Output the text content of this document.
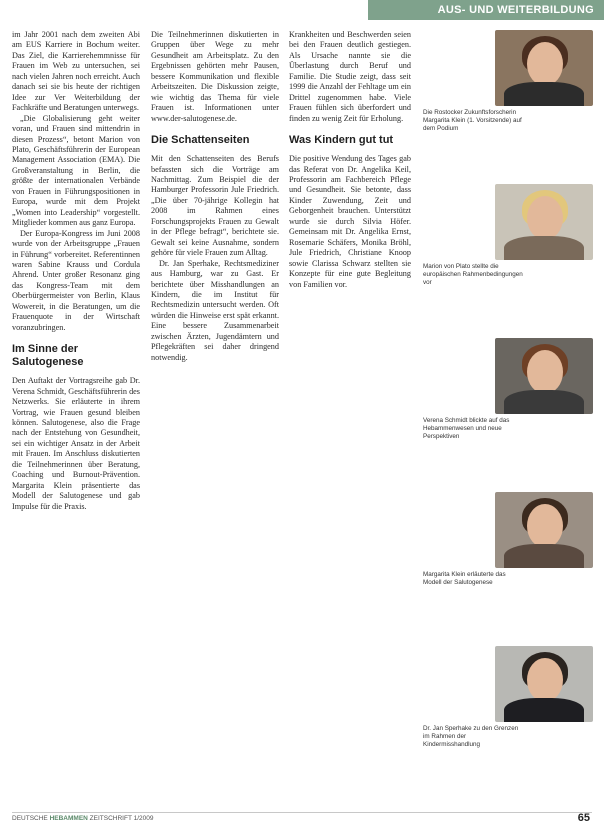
AUS- UND WEITERBILDUNG

im Jahr 2001 nach dem zweiten Abi am EUS Karriere in Bochum weiter. Das Ziel, die Karrierehemmnisse für Frauen im Web zu untersuchen, sei nach vielen Jahren noch erreicht. Auch danach sei sie bis heute der richtigen Idee zur Ver Weiterbildung der Fachkräfte und Beratungen unterwegs.

„Die Globalisierung geht weiter voran, und Frauen sind mittendrin in diesen Prozess“, betont Marion von Plato, Geschäftsführerin der European Management Association (EMA). Die Großveranstaltung in Berlin, die größte der internationalen Verbände von Frauen in Führungspositionen in Europa, wurde mit dem Projekt „Women into Leadership“ vorgestellt. Mitglieder kommen aus ganz Europa.

Der Europa-Kongress im Juni 2008 wurde von der Arbeitsgruppe „Frauen in Führung“ vorbereitet. Referentinnen waren Sabine Krauss und Cordula Ahrend. Unter großer Resonanz ging das Kongress-Team mit dem Oberbürgermeister von Berlin, Klaus Wowereit, in die Beratungen, um die Frauenquote in der Wirtschaft voranzubringen.

Im Sinne der Salutogenese

Den Auftakt der Vortragsreihe gab Dr. Verena Schmidt, Geschäftsführerin des Netzwerks. Sie erläuterte in ihrem Vortrag, wie Frauen gesund bleiben können. Salutogenese, also die Frage nach der Entstehung von Gesundheit, sei ein wichtiger Ansatz in der Arbeit mit Frauen. Im Anschluss diskutierten die Teilnehmerinnen über Beratung, Coaching und Burnout-Prävention. Margarita Klein präsentierte das Modell der Salutogenese und gab Impulse für die Praxis.

Die Teilnehmerinnen diskutierten in Gruppen über Wege zu mehr Gesundheit am Arbeitsplatz. Zu den Ergebnissen gehörten mehr Pausen, bessere Kommunikation und flexible Arbeitszeiten. Die Diskussion zeigte, wie wichtig das Thema für viele Frauen ist. Informationen unter www.der-salutogenese.de.

Die Schattenseiten

Mit den Schattenseiten des Berufs befassten sich die Vorträge am Nachmittag. Zum Beispiel die der Hamburger Professorin Jule Friedrich. „Die über 70-jährige Kollegin hat 2008 im Rahmen eines Forschungsprojekts Frauen zu Gewalt in der Pflege befragt“, berichtete sie. Gewalt sei keine Ausnahme, sondern gehöre für viele Frauen zum Alltag.

Dr. Jan Sperhake, Rechtsmediziner aus Hamburg, war zu Gast. Er berichtete über Misshandlungen an Kindern, die im Institut für Rechtsmedizin untersucht werden. Oft würden die Hinweise erst spät erkannt. Eine bessere Zusammenarbeit zwischen Ärzten, Jugendämtern und Pflegekräften sei daher dringend notwendig.

Krankheiten und Beschwerden seien bei den Frauen deutlich gestiegen. Als Ursache nannte sie die Überlastung durch Beruf und Familie. Die Studie zeigt, dass seit 1999 die Anzahl der Fehltage um ein Drittel zugenommen habe. Viele Frauen fühlen sich überfordert und finden zu wenig Zeit für Erholung.

Was Kindern gut tut

Die positive Wendung des Tages gab das Referat von Dr. Angelika Keil, Professorin am Fachbereich Pflege und Gesundheit. Sie betonte, dass Kinder Zuwendung, Zeit und Geborgenheit brauchen. Unterstützt wurde sie durch Silvia Höfer. Gemeinsam mit Dr. Angelika Ernst, Rosemarie Schäfers, Monika Bröhl, Jule Friedrich, Christiane Knoop sowie Clarissa Schwarz stellten sie Konzepte für eine gute Begleitung von Familien vor.

Die Rostocker Zukunftsforscherin Margarita Klein (1. Vorsitzende) auf dem Podium
Marion von Plato stellte die europäischen Rahmenbedingungen vor
Verena Schmidt blickte auf das Hebammenwesen und neue Perspektiven
Margarita Klein erläuterte das Modell der Salutogenese
Dr. Jan Sperhake zu den Grenzen im Rahmen der Kindermisshandlung
DEUTSCHE HEBAMMEN ZEITSCHRIFT 1/2009	65
